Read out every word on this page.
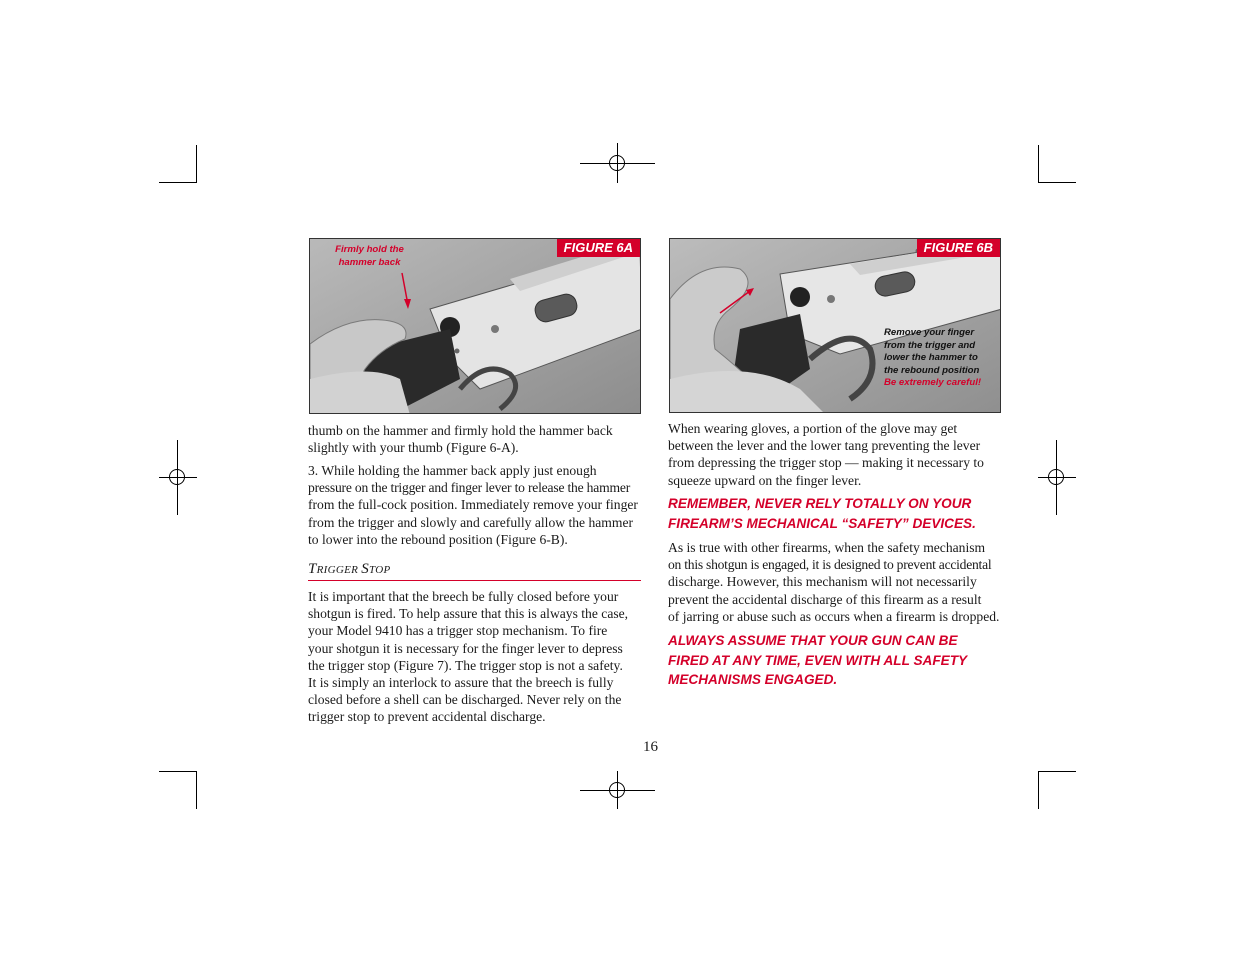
Firmly hold the
hammer back
FIGURE 6A
Remove your finger
from the trigger and
lower the hammer to
the rebound position
Be extremely careful!
FIGURE 6B
thumb on the hammer and firmly hold the hammer back
slightly with your thumb (Figure 6-A).
3. While holding the hammer back apply just enough
pressure on the trigger and finger lever to release the hammer
from the full-cock position. Immediately remove your finger
from the trigger and slowly and carefully allow the hammer
to lower into the rebound position (Figure 6-B).
TRIGGER STOP
It is important that the breech be fully closed before your
shotgun is fired. To help assure that this is always the case,
your Model 9410 has a trigger stop mechanism. To fire
your shotgun it is necessary for the finger lever to depress
the trigger stop (Figure 7). The trigger stop is not a safety.
It is simply an interlock to assure that the breech is fully
closed before a shell can be discharged. Never rely on the
trigger stop to prevent accidental discharge.
When wearing gloves, a portion of the glove may get
between the lever and the lower tang preventing the lever
from depressing the trigger stop — making it necessary to
squeeze upward on the finger lever.
REMEMBER, NEVER RELY TOTALLY ON YOUR
FIREARM’S MECHANICAL “SAFETY” DEVICES.
As is true with other firearms, when the safety mechanism
on this shotgun is engaged, it is designed to prevent accidental
discharge. However, this mechanism will not necessarily
prevent the accidental discharge of this firearm as a result
of jarring or abuse such as occurs when a firearm is dropped.
ALWAYS ASSUME THAT YOUR GUN CAN BE
FIRED AT ANY TIME, EVEN WITH ALL SAFETY
MECHANISMS ENGAGED.
16
